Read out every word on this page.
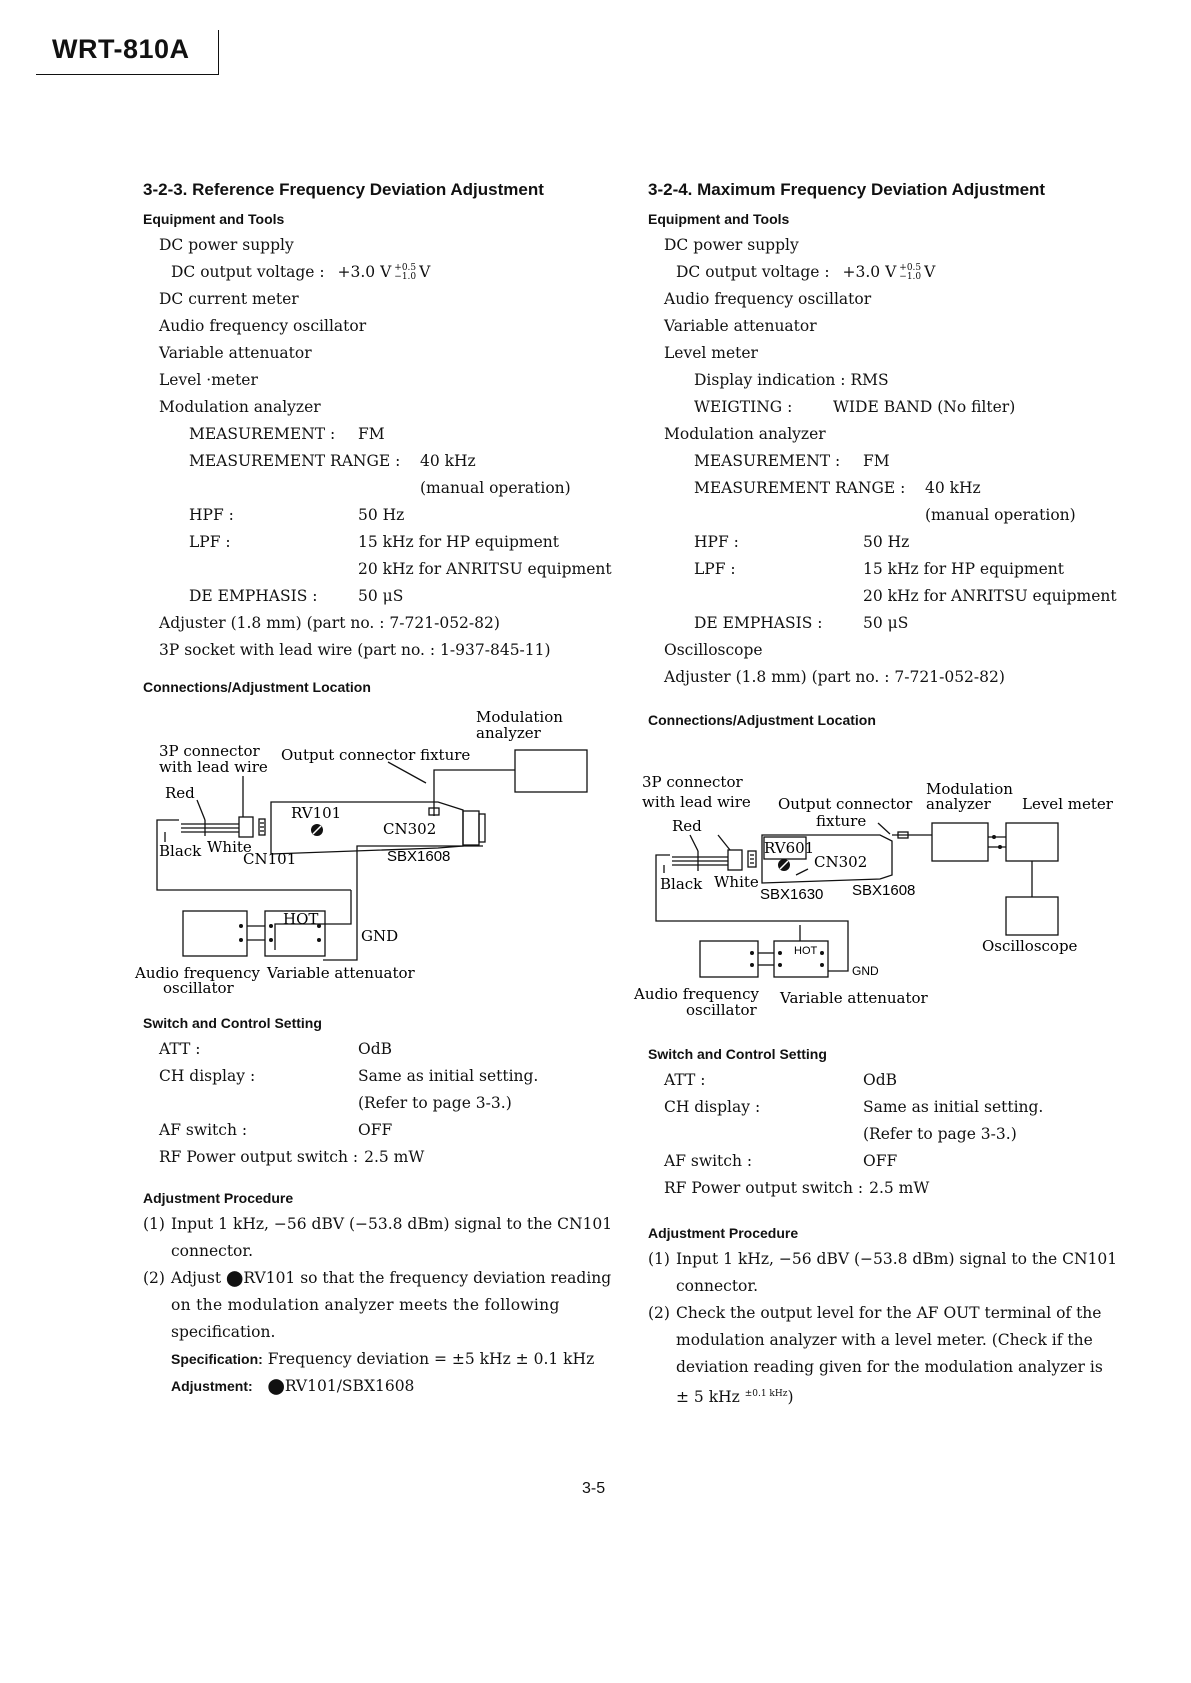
WRT-810A
3-2-3. Reference Frequency Deviation Adjustment
Equipment and Tools
DC power supply
DC output voltage : +3.0 V +0.5
−1.0 V
DC current meter
Audio frequency oscillator
Variable attenuator
Level ·meter
Modulation analyzer
MEASUREMENT : FM
MEASUREMENT RANGE : 40 kHz
(manual operation)
HPF :	50 Hz
LPF :	15 kHz for HP equipment
20 kHz for ANRITSU equipment
DE EMPHASIS :	50 μS
Adjuster (1.8 mm) (part no. : 7-721-052-82)
3P socket with lead wire (part no. : 1-937-845-11)
Connections/Adjustment Location
Modulation
analyzer
3P connector
with lead wire
Output connector fixture
Red
RV101
CN302
Black White
CN101	SBX1608
HOT
GND
Audio frequency
oscillator
Variable attenuator
Switch and Control Setting
ATT :	OdB
CH display :	Same as initial setting.
(Refer to page 3-3.)
AF switch :	OFF
RF Power output switch : 2.5 mW
Adjustment Procedure
(1) Input 1 kHz, −56 dBV (−53.8 dBm) signal to the CN101
connector.
(2) Adjust ⬤RV101 so that the frequency deviation reading
on the modulation analyzer meets the following
specification.
Specification: Frequency deviation = ±5 kHz ± 0.1 kHz
Adjustment: ⬤RV101/SBX1608
3-2-4. Maximum Frequency Deviation Adjustment
Equipment and Tools
DC power supply
DC output voltage : +3.0 V +0.5
−1.0 V
Audio frequency oscillator
Variable attenuator
Level meter
Display indication : RMS
WEIGTING :	WIDE BAND (No filter)
Modulation analyzer
MEASUREMENT : FM
MEASUREMENT RANGE : 40 kHz
(manual operation)
HPF :	50 Hz
LPF :	15 kHz for HP equipment
20 kHz for ANRITSU equipment
DE EMPHASIS :	50 μS
Oscilloscope
Adjuster (1.8 mm) (part no. : 7-721-052-82)
Connections/Adjustment Location
3P connector
with lead wire Output connector
fixture
Modulation
analyzer Level meter
Red
RV601
CN302
Black White
SBX1630 SBX1608
Oscilloscope
HOT
GND
Audio frequency
oscillator
Variable attenuator
Switch and Control Setting
ATT :	OdB
CH display :	Same as initial setting.
(Refer to page 3-3.)
AF switch :	OFF
RF Power output switch : 2.5 mW
Adjustment Procedure
(1) Input 1 kHz, −56 dBV (−53.8 dBm) signal to the CN101
connector.
(2) Check the output level for the AF OUT terminal of the
modulation analyzer with a level meter. (Check if the
deviation reading given for the modulation analyzer is
± 5 kHz $^{\pm 0.1 kHz}$)
3-5
